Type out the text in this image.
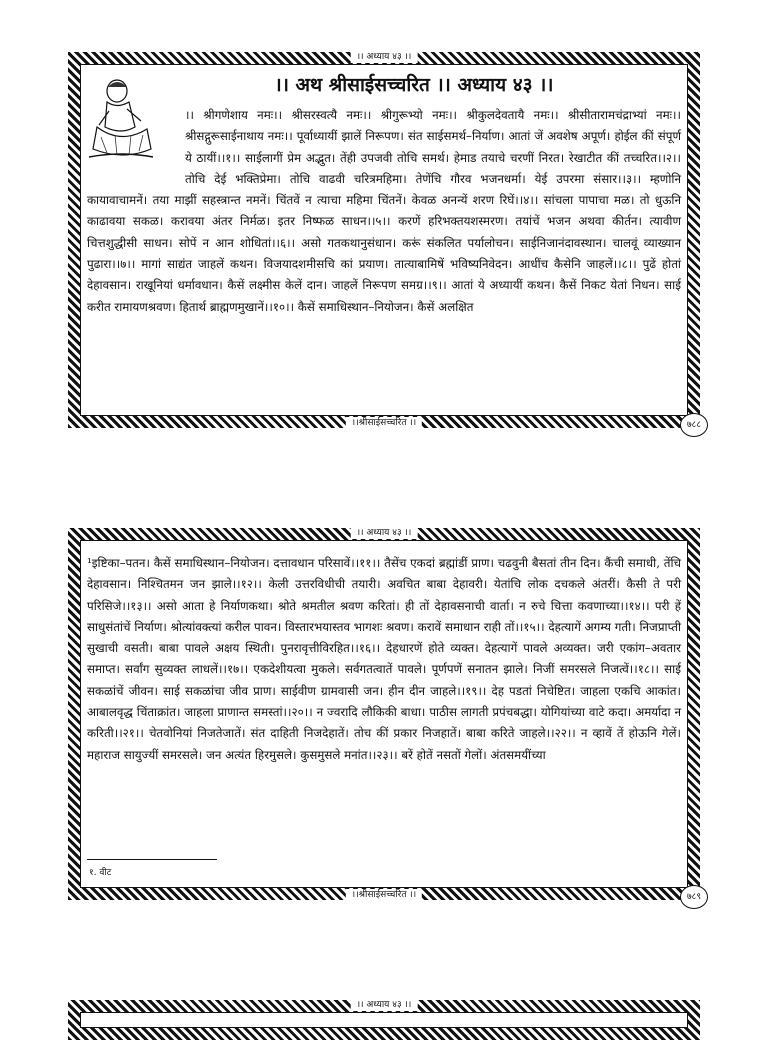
।। अथ श्रीसाईसच्चरित ।। अध्याय ४३ ।।
।। श्रीगणेशाय नमः।। श्रीसरस्वत्यै नमः।। श्रीगुरूभ्यो नमः।। श्रीकुलदेवतायै नमः।। श्रीसीतारामचंद्राभ्यां नमः।। श्रीसद्गुरूसाईनाथाय नमः।। पूर्वाध्यायीं झालें निरूपण। संत साईसमर्थ–निर्याण। आतां जें अवशेष अपूर्ण। होईल कीं संपूर्ण ये ठायीं।।१।। साईलागीं प्रेम अद्भुत। तेंही उपजवी तोचि समर्थ। हेमाड तयाचे चरणीं निरत। रेखाटीत कीं तच्चरित।।२।। तोचि देई भक्तिप्रेमा। तोचि वाढवी चरित्रमहिमा। तेणेंचि गौरव भजनधर्मा। येई उपरमा संसार।।३।। म्हणोनि कायावाचामनें। तया माझीं सहस्त्रान्त नमनें। चिंतवें न त्याचा महिमा चिंतनें। केवळ अनन्यें शरण रिघें।।४।। सांचला पापाचा मळ। तो धुऊनि काढावया सकळ। करावया अंतर निर्मळ। इतर निष्फळ साधन।।५।। करणें हरिभक्तयशस्मरण। तयांचें भजन अथवा कीर्तन। त्यावीण चित्तशुद्धीसी साधन। सोपें न आन शोधितां।।६।। असो गतकथानुसंधान। करूं संकलित पर्यालोचन। साईनिजानंदावस्थान। चालवूं व्याख्यान पुढारा।।७।। मागां साद्यंत जाहलें कथन। विजयादशमीसचि कां प्रयाण। तात्याबामिषें भविष्यनिवेदन। आधींच कैसेनि जाहलें।।८।। पुढें होतां देहावसान। राखूनियां धर्मावधान। कैसें लक्ष्मीस केलें दान। जाहलें निरूपण समग्र।।९।। आतां ये अध्यायीं कथन। कैसें निकट येतां निधन। साई करीत रामायणश्रवण। हितार्थ ब्राह्मणमुखानें।।१०।। कैसें समाधिस्थान–नियोजन। कैसें अलक्षित
।। अध्याय ४३ ।।
।।श्रीसाईसच्चरित ।।	७८८
¹इष्टिका–पतन। कैसें समाधिस्थान–नियोजन। दत्तावधान परिसावें।।११।। तैसेंच एकदां ब्रह्मांडीं प्राण। चढवुनी बैसतां तीन दिन। कैंची समाधी, तेंचि देहावसान। निश्चितमन जन झाले।।१२।। केली उत्तरविधीची तयारी। अवचित बाबा देहावरी। येतांचि लोक दचकले अंतरीं। कैसी ते परी परिसिजे।।१३।। असो आता हे निर्याणकथा। श्रोते श्रमतील श्रवण करितां। ही तों देहावसनाची वार्ता। न रुचे चित्ता कवणाच्या।।१४।। परी हें साधुसंतांचें निर्याण। श्रोत्यांवक्त्यां करील पावन। विस्तारभयास्तव भागशः श्रवण। करावें समाधान राही तों।।१५।। देहत्यागें अगम्य गती। निजप्राप्ती सुखाची वसती। बाबा पावले अक्षय स्थिती। पुनरावृत्तीविरहित।।१६।। देहधारणें होते व्यक्त। देहत्यागें पावले अव्यक्त। जरी एकांग–अवतार समाप्त। सर्वांग सुव्यक्त लाधलें।।१७।। एकदेशीयत्वा मुकले। सर्वगतत्वातें पावले। पूर्णपणें सनातन झाले। निजीं समरसले निजत्वें।।१८।। साई सकळांचें जीवन। साई सकळांचा जीव प्राण। साईवीण ग्रामवासी जन। हीन दीन जाहले।।१९।। देह पडतां निचेष्टित। जाहला एकचि आकांत। आबालवृद्ध चिंताक्रांत। जाहला प्राणान्त समस्तां।।२०।। न ज्वरादि लौकिकी बाधा। पाठीस लागती प्रपंचबद्धा। योगियांच्या वाटे कदा। अमर्यादा न करिती।।२१।। चेतवोनियां निजतेजातें। संत दाहिती निजदेहातें। तोच कीं प्रकार निजहातें। बाबा करिते जाहले।।२२।। न व्हावें तें होऊनि गेलें। महाराज सायुज्यीं समरसले। जन अत्यंत हिरमुसले। कुसमुसले मनांत।।२३।। बरें होतें नसतों गेलों। अंतसमयींच्या
१. वीट
।। अध्याय ४३ ।।
।।श्रीसाईसच्चरित ।।	७८९
।। अध्याय ४३ ।।
